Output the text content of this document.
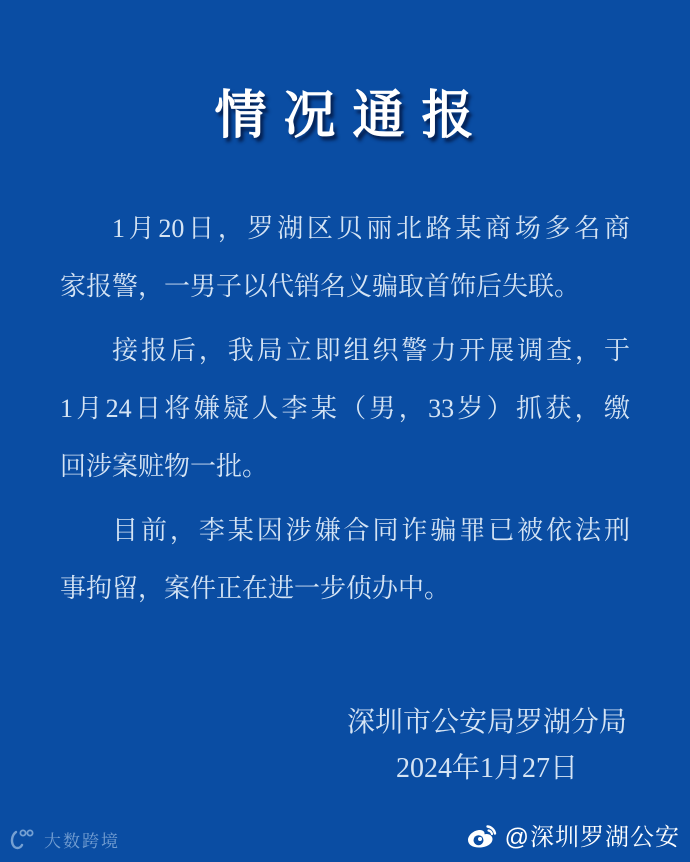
情 况 通 报
1月20日，罗湖区贝丽北路某商场多名商
家报警，一男子以代销名义骗取首饰后失联。
接报后，我局立即组织警力开展调查，于
1月24日将嫌疑人李某（男，33岁）抓获，缴
回涉案赃物一批。
目前，李某因涉嫌合同诈骗罪已被依法刑
事拘留，案件正在进一步侦办中。
深圳市公安局罗湖分局
2024年1月27日
大数跨境	@深圳罗湖公安
